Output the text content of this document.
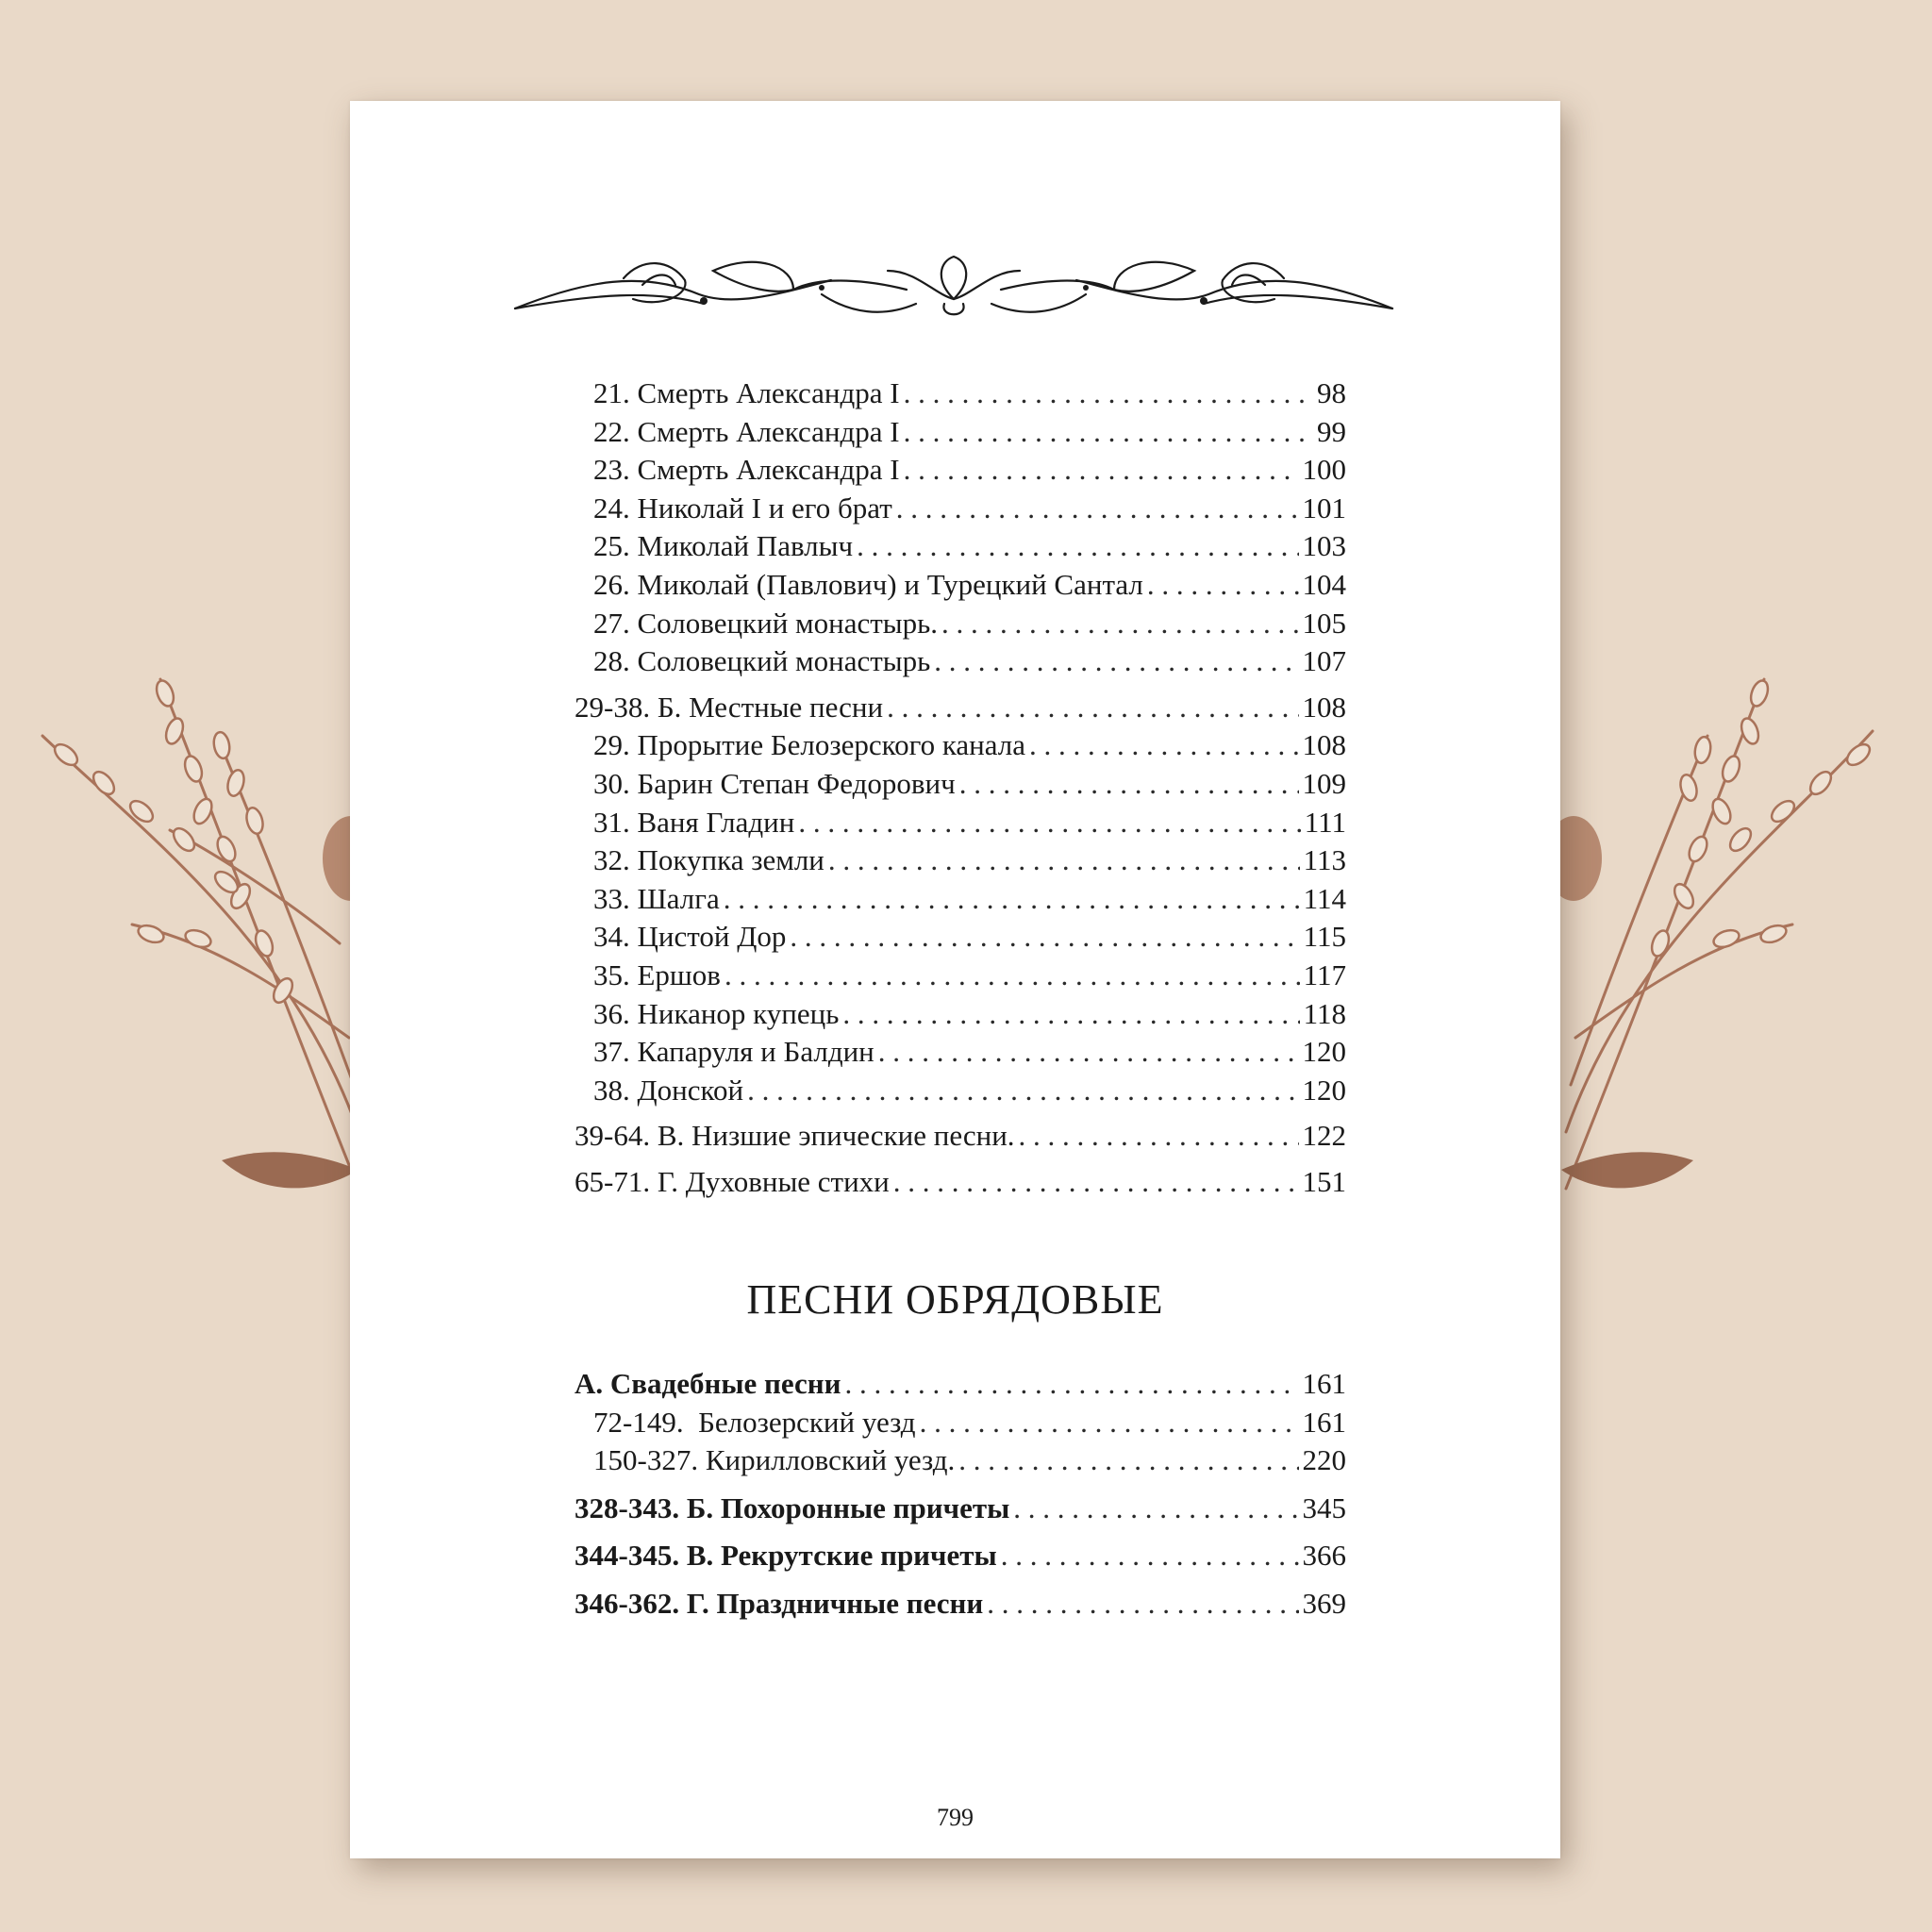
21. Смерть Александра I . . .	98
22. Смерть Александра I . . .	99
23. Смерть Александра I . . .	100
24. Николай I и его брат . . .	101
25. Миколай Павлыч . . .	103
26. Миколай (Павлович) и Турецкий Сантал . . .	104
27. Соловецкий монастырь. . . .	105
28. Соловецкий монастырь . . .	107
29-38. Б. Местные песни . . .	108
29. Прорытие Белозерского канала . . .	108
30. Барин Степан Федорович . . .	109
31. Ваня Гладин . . .	111
32. Покупка земли . . .	113
33. Шалга . . .	114
34. Цистой Дор . . .	115
35. Ершов . . .	117
36. Никанор купець . . .	118
37. Капаруля и Балдин . . .	120
38. Донской . . .	120
39-64. В. Низшие эпические песни. . . .	122
65-71. Г. Духовные стихи . . .	151
ПЕСНИ ОБРЯДОВЫЕ
А. Свадебные песни . . .	161
72-149. Белозерский уезд . . .	161
150-327. Кирилловский уезд. . . .	220
328-343. Б. Похоронные причеты . . .	345
344-345. В. Рекрутские причеты . . .	366
346-362. Г. Праздничные песни . . .	369
799
